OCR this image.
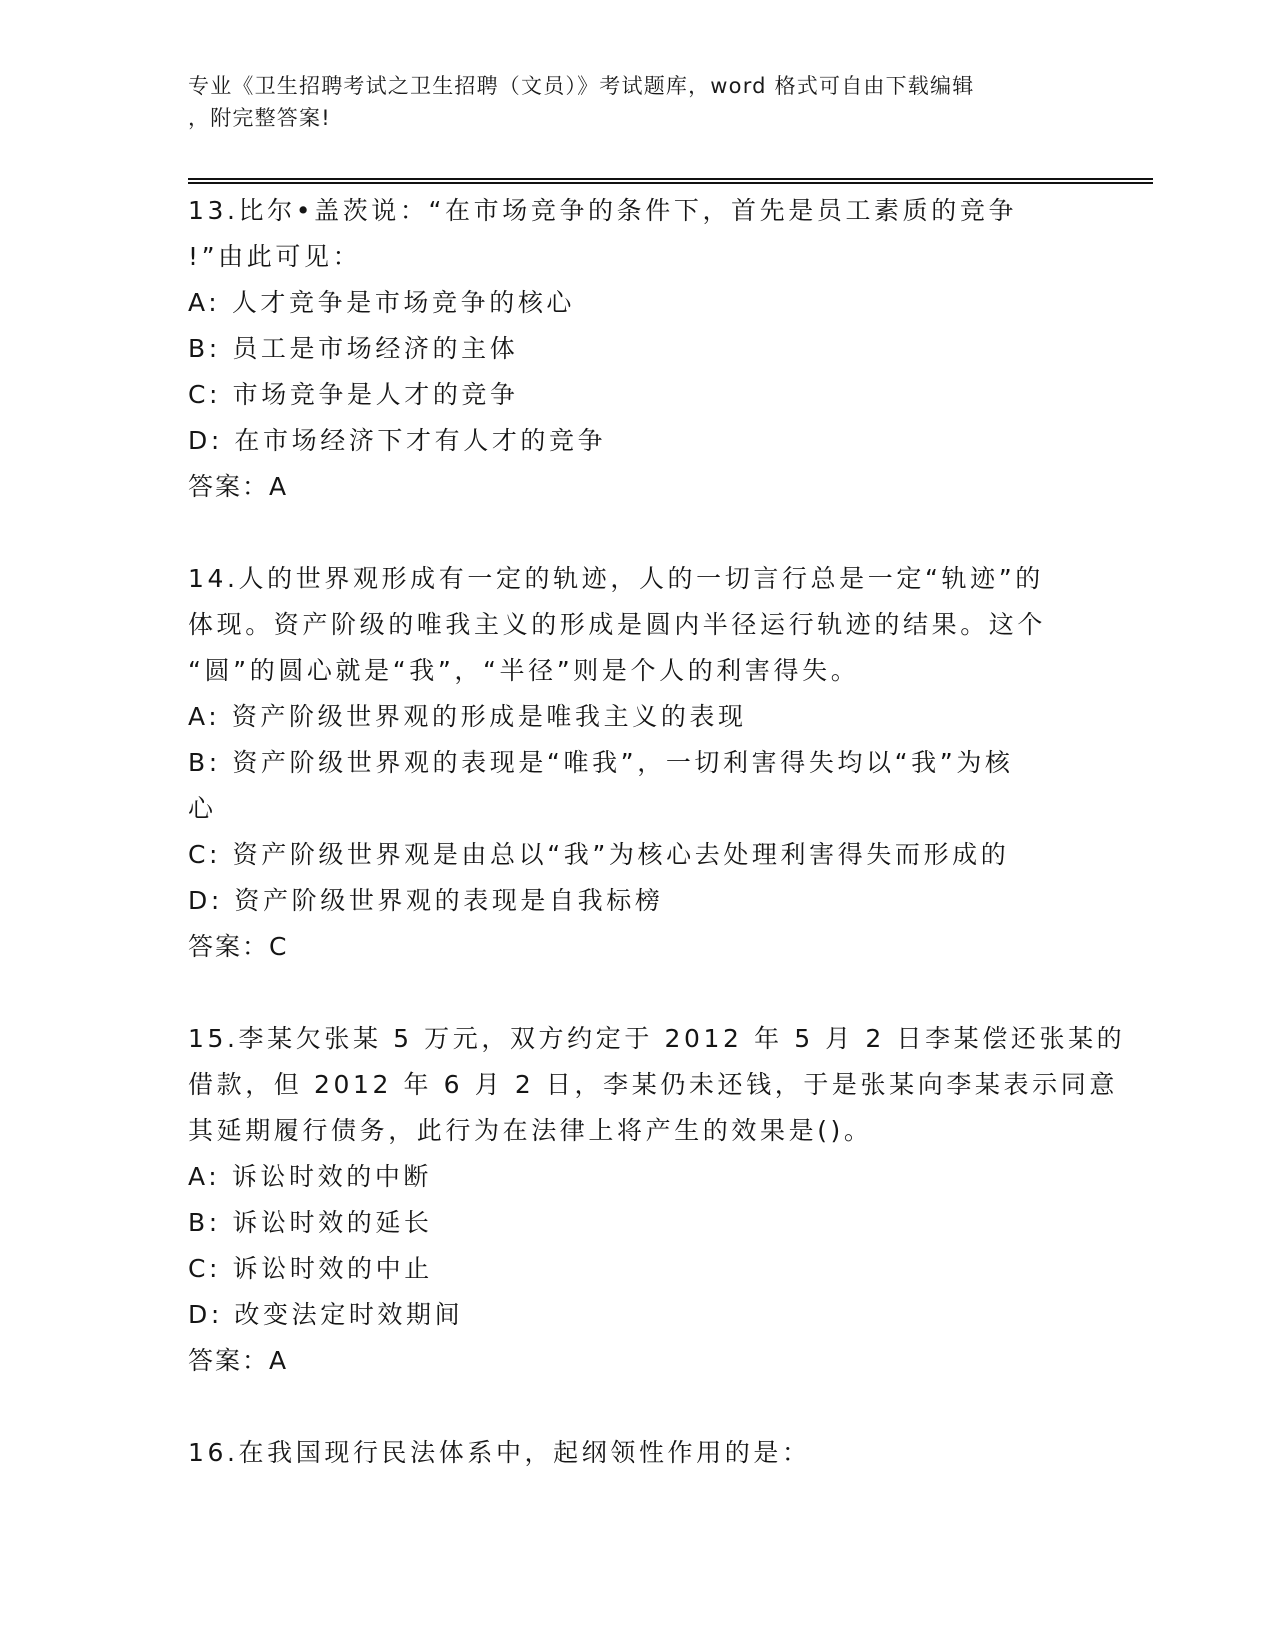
专业《卫生招聘考试之卫生招聘（文员）》考试题库，word 格式可自由下载编辑
，附完整答案!
13.比尔•盖茨说：“在市场竞争的条件下，首先是员工素质的竞争
!”由此可见：
A: 人才竞争是市场竞争的核心
B: 员工是市场经济的主体
C: 市场竞争是人才的竞争
D: 在市场经济下才有人才的竞争
答案：A
14.人的世界观形成有一定的轨迹，人的一切言行总是一定“轨迹”的
体现。资产阶级的唯我主义的形成是圆内半径运行轨迹的结果。这个
“圆”的圆心就是“我”，“半径”则是个人的利害得失。
A: 资产阶级世界观的形成是唯我主义的表现
B: 资产阶级世界观的表现是“唯我”，一切利害得失均以“我”为核
心
C: 资产阶级世界观是由总以“我”为核心去处理利害得失而形成的
D: 资产阶级世界观的表现是自我标榜
答案：C
15.李某欠张某 5 万元，双方约定于 2012 年 5 月 2 日李某偿还张某的
借款，但 2012 年 6 月 2 日，李某仍未还钱，于是张某向李某表示同意
其延期履行债务，此行为在法律上将产生的效果是()。
A: 诉讼时效的中断
B: 诉讼时效的延长
C: 诉讼时效的中止
D: 改变法定时效期间
答案：A
16.在我国现行民法体系中，起纲领性作用的是：
